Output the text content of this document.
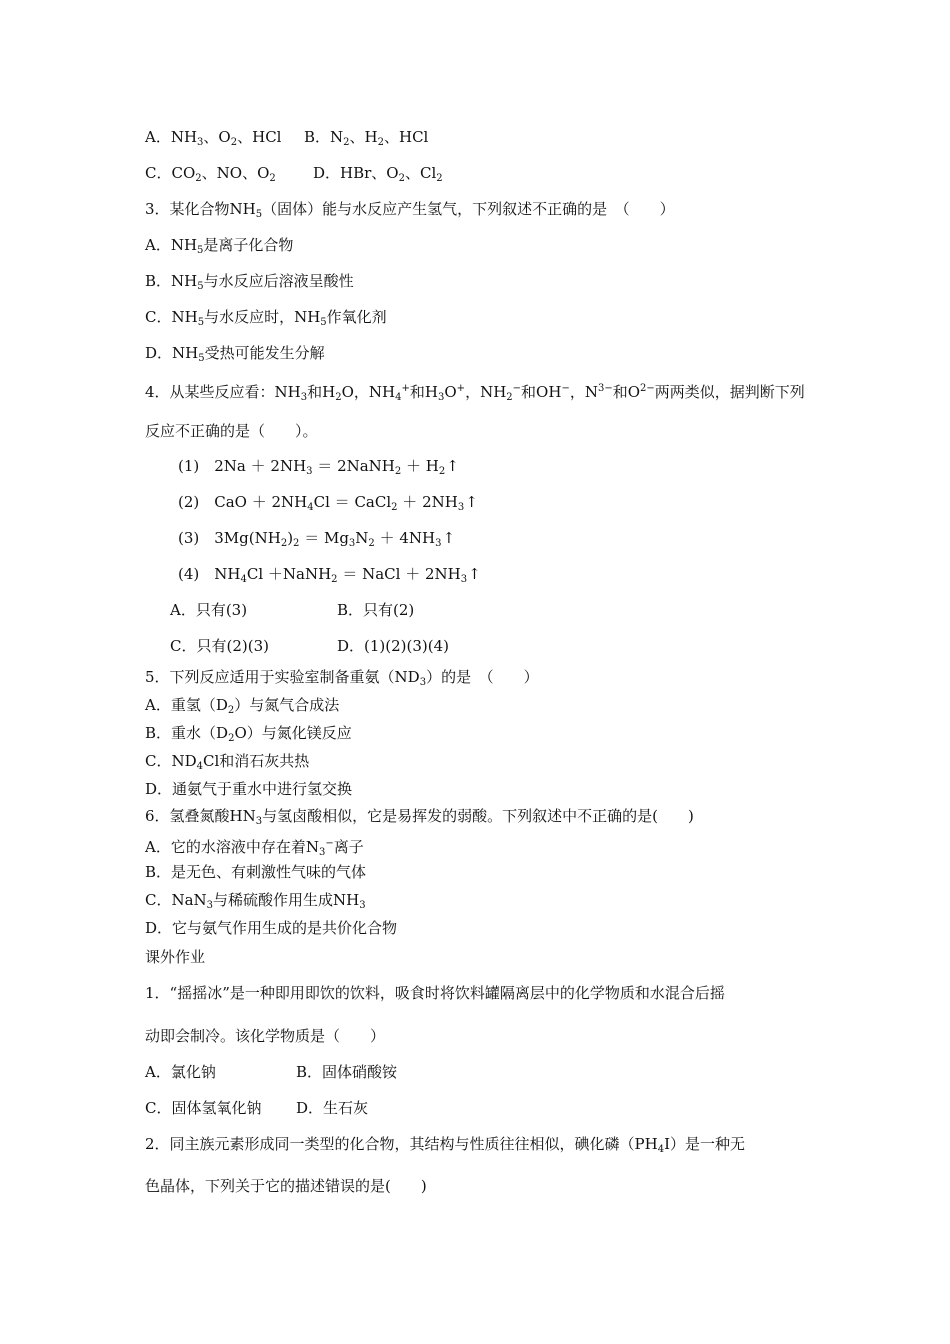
A．$NH_3$、$O_2$、HCl B．$N_2$、$H_2$、HCl
C．$CO_2$、NO、$O_2$ D．HBr、$O_2$、$Cl_2$
3．某化合物$NH_5$（固体）能与水反应产生氢气，下列叙述不正确的是　（　　）
A．$NH_5$是离子化合物
B．$NH_5$与水反应后溶液呈酸性
C．$NH_5$与水反应时，$NH_5$作氧化剂
D．$NH_5$受热可能发生分解
4．从某些反应看：$NH_3$和$H_2O$，$NH_4^+$和$H_3O^+$，$NH_2^-$和OH−，$N^{3-}$和$O^{2-}$两两类似，据判断下列
反应不正确的是（　　）。
(1)　$2Na + 2NH_3$ ＝ 2NaNH$_2$ ＋ $H_2↑$
(2)　CaO ＋ $2NH_4Cl$ ＝ CaCl$_2$ ＋ $2NH_3↑$
(3)　$3Mg(NH_2)_2 = Mg_3N_2$ ＋ $4NH_3↑$
(4)　$NH_4Cl$ ＋NaNH$_2$ ＝ NaCl ＋ $2NH_3↑$
A．只有(3)	B．只有(2)
C．只有(2)(3)	D．(1)(2)(3)(4)
5．下列反应适用于实验室制备重氨$(ND_3)$的是　（　　）
A．重氢$(D_2)$与氮气合成法
B．重水$(D_2O)$与氮化镁反应
C．$ND_4Cl$和消石灰共热
D．通氨气于重水中进行氢交换
6．氢叠氮酸$HN_3$与氢卤酸相似，它是易挥发的弱酸。下列叙述中不正确的是(　　)
A．它的水溶液中存在着$N_3^-$离子
B．是无色、有刺激性气味的气体
C．NaN$_3$与稀硫酸作用生成$NH_3$
D．它与氨气作用生成的是共价化合物
课外作业
1．“摇摇冰”是一种即用即饮的饮料，吸食时将饮料罐隔离层中的化学物质和水混合后摇
动即会制冷。该化学物质是（　　）
A．氯化钠	B．固体硝酸铵
C．固体氢氧化钠 D．生石灰
2．同主族元素形成同一类型的化合物，其结构与性质往往相似，碘化磷$(PH_4I)$是一种无
色晶体，下列关于它的描述错误的是(　　)
